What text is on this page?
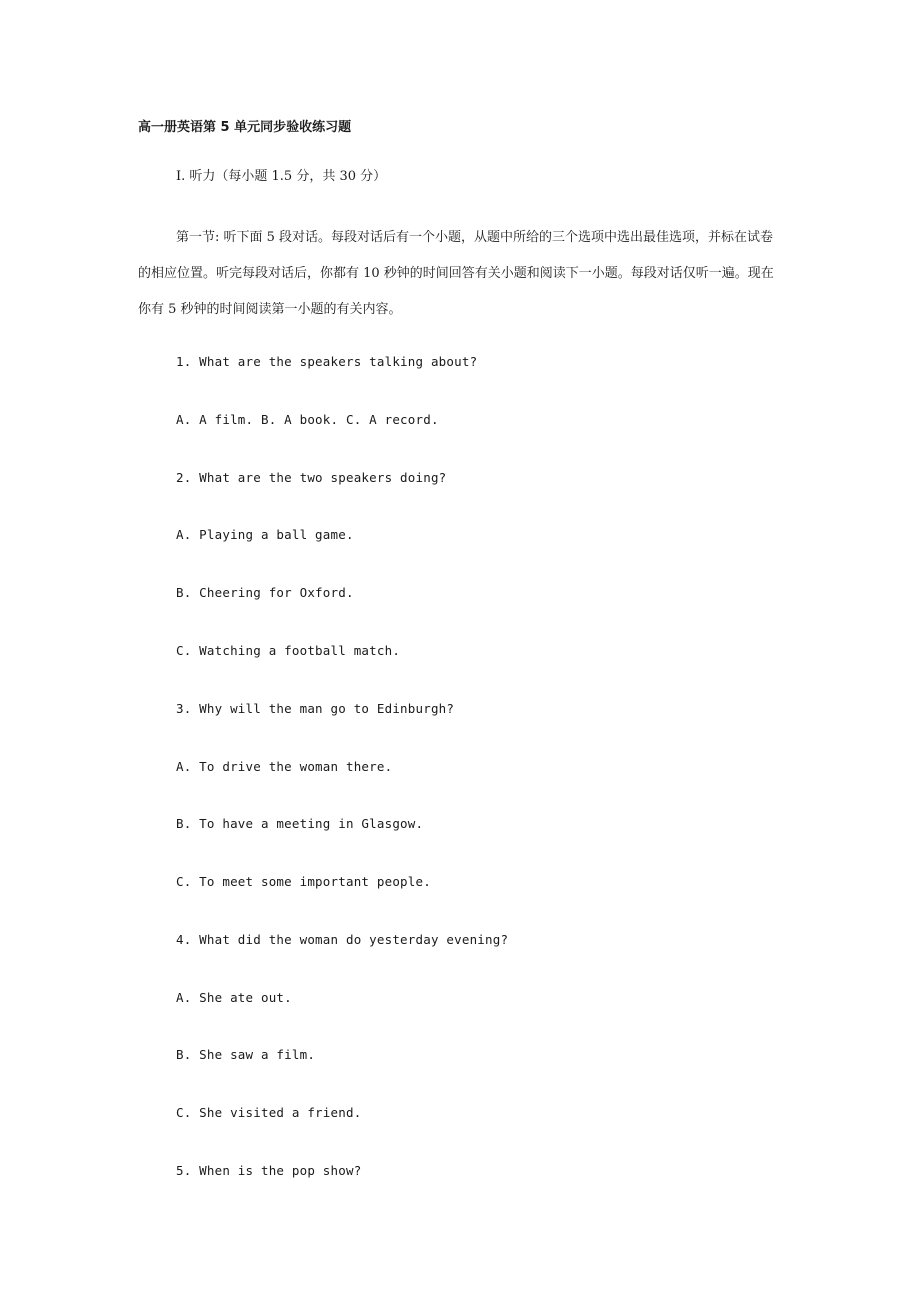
高一册英语第 5 单元同步验收练习题
I. 听力（每小题 1.5 分，共 30 分）

第一节: 听下面 5 段对话。每段对话后有一个小题，从题中所给的三个选项中选出最佳选项，并标在试卷的相应位置。听完每段对话后，你都有 10 秒钟的时间回答有关小题和阅读下一小题。每段对话仅听一遍。现在你有 5 秒钟的时间阅读第一小题的有关内容。

1. What are the speakers talking about?
A. A film. B. A book. C. A record.
2. What are the two speakers doing?
A. Playing a ball game.
B. Cheering for Oxford.
C. Watching a football match.
3. Why will the man go to Edinburgh?
A. To drive the woman there.
B. To have a meeting in Glasgow.
C. To meet some important people.
4. What did the woman do yesterday evening?
A. She ate out.
B. She saw a film.
C. She visited a friend.
5. When is the pop show?
